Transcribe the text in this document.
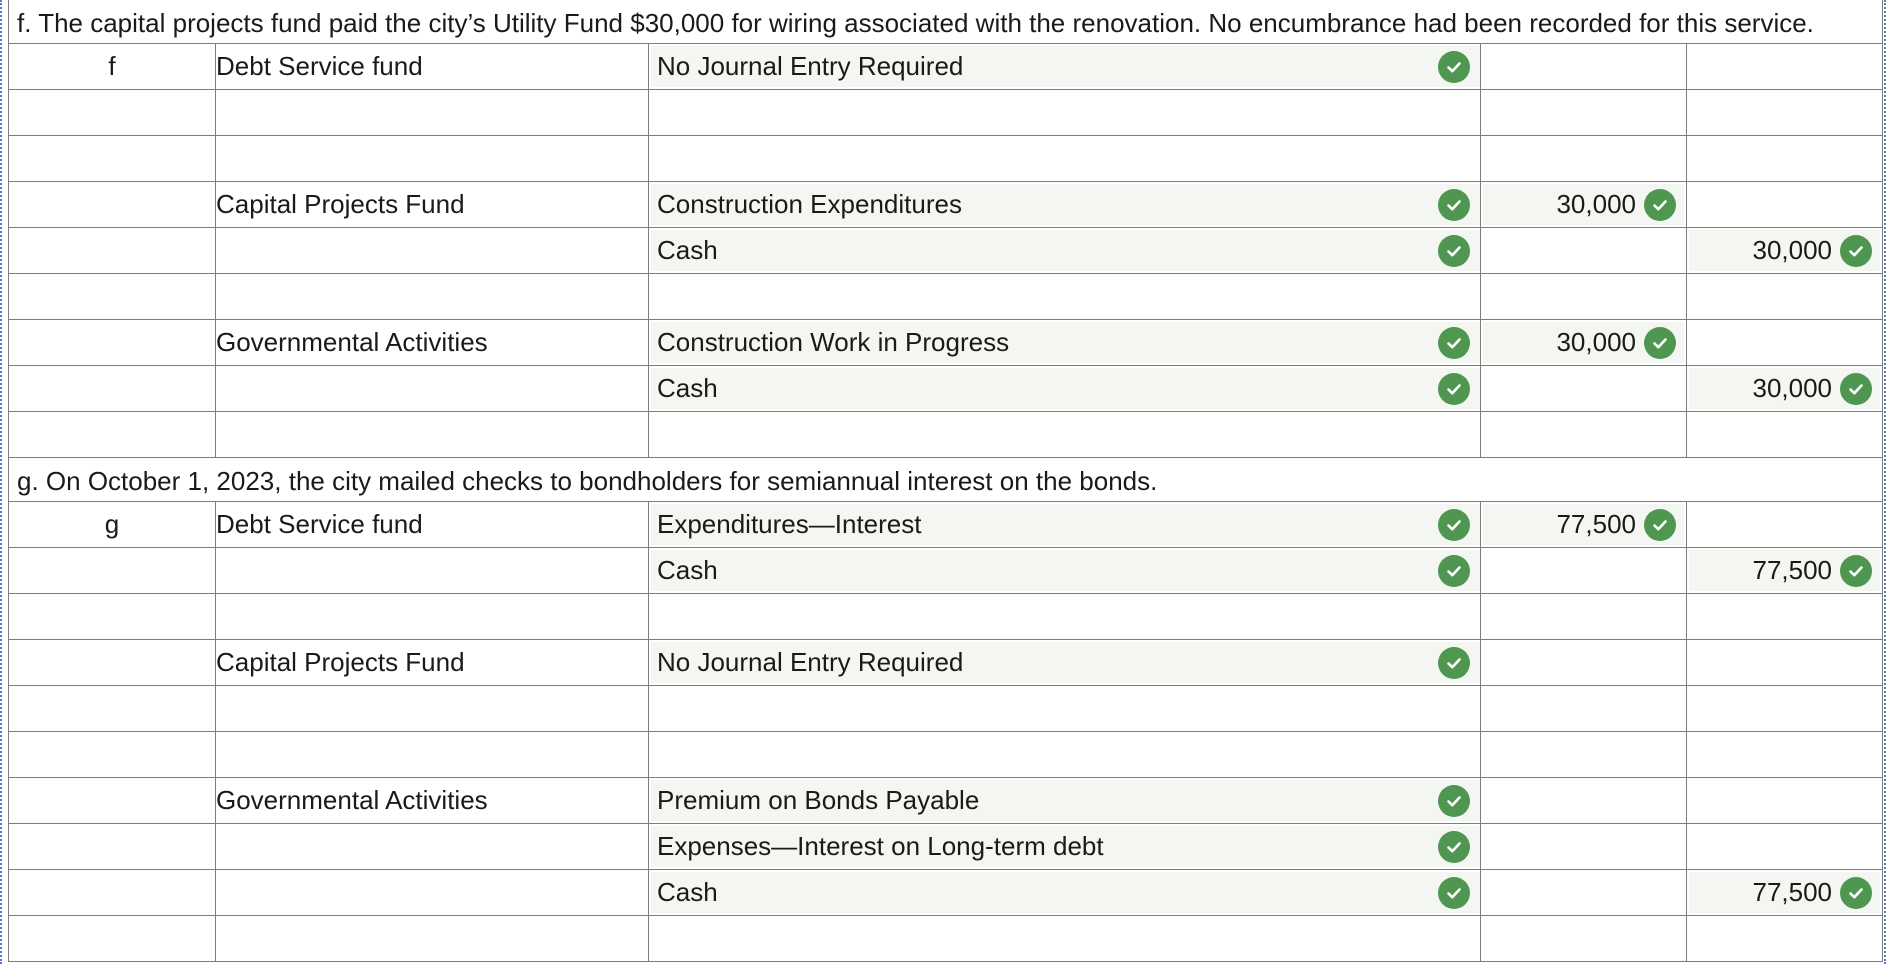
f. The capital projects fund paid the city’s Utility Fund $30,000 for wiring associated with the renovation. No encumbrance had been recorded for this service.				
f	Debt Service fund	No Journal Entry Required		

	Capital Projects Fund	Construction Expenditures	30,000	

		Cash		30,000

	Governmental Activities	Construction Work in Progress	30,000	

		Cash		30,000

g. On October 1, 2023, the city mailed checks to bondholders for semiannual interest on the bonds.				
g	Debt Service fund	Expenditures—Interest	77,500	

		Cash		77,500

	Capital Projects Fund	No Journal Entry Required		

	Governmental Activities	Premium on Bonds Payable		

		Expenses—Interest on Long-term debt		

		Cash		77,500
